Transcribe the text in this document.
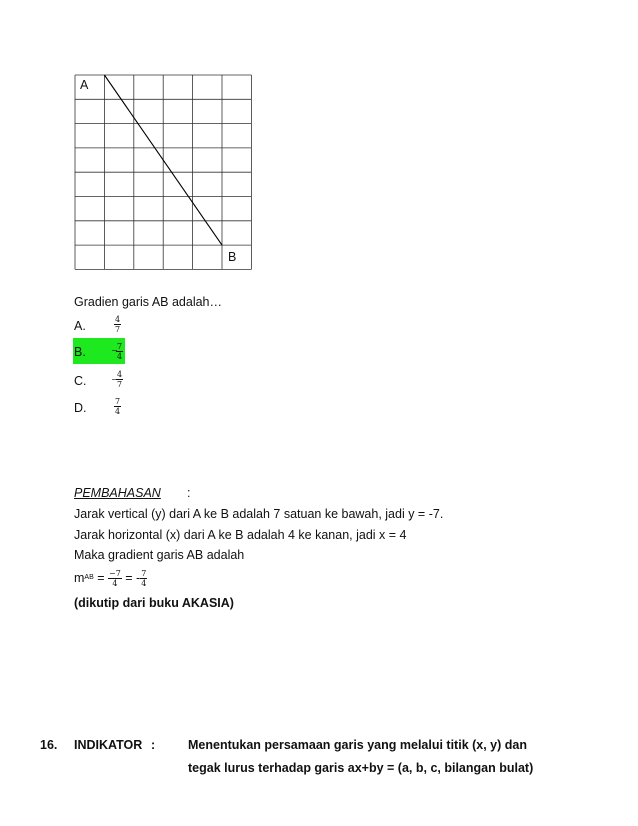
A
B
Gradien garis AB adalah…
A.	$\frac{4}{7}$
B.	−
$\frac{7}{4}$
C.	−
$\frac{4}{7}$
D.	$\frac{7}{4}$
PEMBAHASAN :
Jarak vertical (y) dari A ke B adalah 7 satuan ke bawah, jadi y = -7.
Jarak horizontal (x) dari A ke B adalah 4 ke kanan, jadi x = 4
Maka gradient garis AB adalah
m AB = $\frac{-7}{4}$ = - $\frac{7}{4}$
(dikutip dari buku AKASIA)
16. INDIKATOR :	Menentukan persamaan garis yang melalui titik (x, y) dan
tegak lurus terhadap garis ax+by = (a, b, c, bilangan bulat)
